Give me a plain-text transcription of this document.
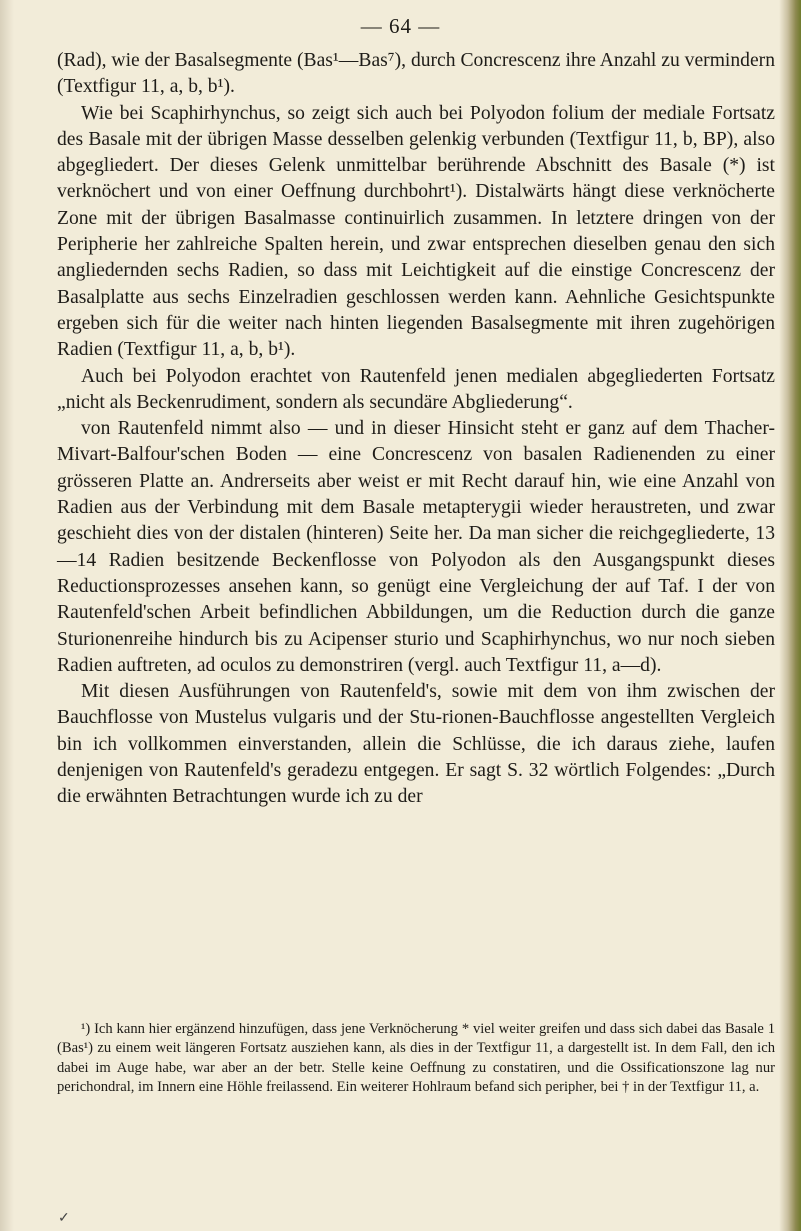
— 64 —

(Rad), wie der Basalsegmente (Bas¹—Bas⁷), durch Concrescenz ihre Anzahl zu vermindern (Textfigur 11, a, b, b¹).

Wie bei Scaphirhynchus, so zeigt sich auch bei Polyodon folium der mediale Fortsatz des Basale mit der übrigen Masse desselben gelenkig verbunden (Textfigur 11, b, BP), also abgegliedert. Der dieses Gelenk unmittelbar berührende Abschnitt des Basale (*) ist verknöchert und von einer Oeffnung durchbohrt¹). Distalwärts hängt diese verknöcherte Zone mit der übrigen Basalmasse continuirlich zusammen. In letztere dringen von der Peripherie her zahlreiche Spalten herein, und zwar entsprechen dieselben genau den sich angliedernden sechs Radien, so dass mit Leichtigkeit auf die einstige Concrescenz der Basalplatte aus sechs Einzelradien geschlossen werden kann. Aehnliche Gesichtspunkte ergeben sich für die weiter nach hinten liegenden Basalsegmente mit ihren zugehörigen Radien (Textfigur 11, a, b, b¹).

Auch bei Polyodon erachtet von Rautenfeld jenen medialen abgegliederten Fortsatz „nicht als Beckenrudiment, sondern als secundäre Abgliederung“.

von Rautenfeld nimmt also — und in dieser Hinsicht steht er ganz auf dem Thacher-Mivart-Balfour'schen Boden — eine Concrescenz von basalen Radienenden zu einer grösseren Platte an. Andrerseits aber weist er mit Recht darauf hin, wie eine Anzahl von Radien aus der Verbindung mit dem Basale metapterygii wieder heraustreten, und zwar geschieht dies von der distalen (hinteren) Seite her. Da man sicher die reichgegliederte, 13—14 Radien besitzende Beckenflosse von Polyodon als den Ausgangspunkt dieses Reductionsprozesses ansehen kann, so genügt eine Vergleichung der auf Taf. I der von Rautenfeld'schen Arbeit befindlichen Abbildungen, um die Reduction durch die ganze Sturionenreihe hindurch bis zu Acipenser sturio und Scaphirhynchus, wo nur noch sieben Radien auftreten, ad oculos zu demonstriren (vergl. auch Textfigur 11, a—d).

Mit diesen Ausführungen von Rautenfeld's, sowie mit dem von ihm zwischen der Bauchflosse von Mustelus vulgaris und der Stu-rionen-Bauchflosse angestellten Vergleich bin ich vollkommen einverstanden, allein die Schlüsse, die ich daraus ziehe, laufen denjenigen von Rautenfeld's geradezu entgegen. Er sagt S. 32 wörtlich Folgendes: „Durch die erwähnten Betrachtungen wurde ich zu der

¹) Ich kann hier ergänzend hinzufügen, dass jene Verknöcherung * viel weiter greifen und dass sich dabei das Basale 1 (Bas¹) zu einem weit längeren Fortsatz ausziehen kann, als dies in der Textfigur 11, a dargestellt ist. In dem Fall, den ich dabei im Auge habe, war aber an der betr. Stelle keine Oeffnung zu constatiren, und die Ossificationszone lag nur perichondral, im Innern eine Höhle freilassend. Ein weiterer Hohlraum befand sich peripher, bei † in der Textfigur 11, a.

✓
